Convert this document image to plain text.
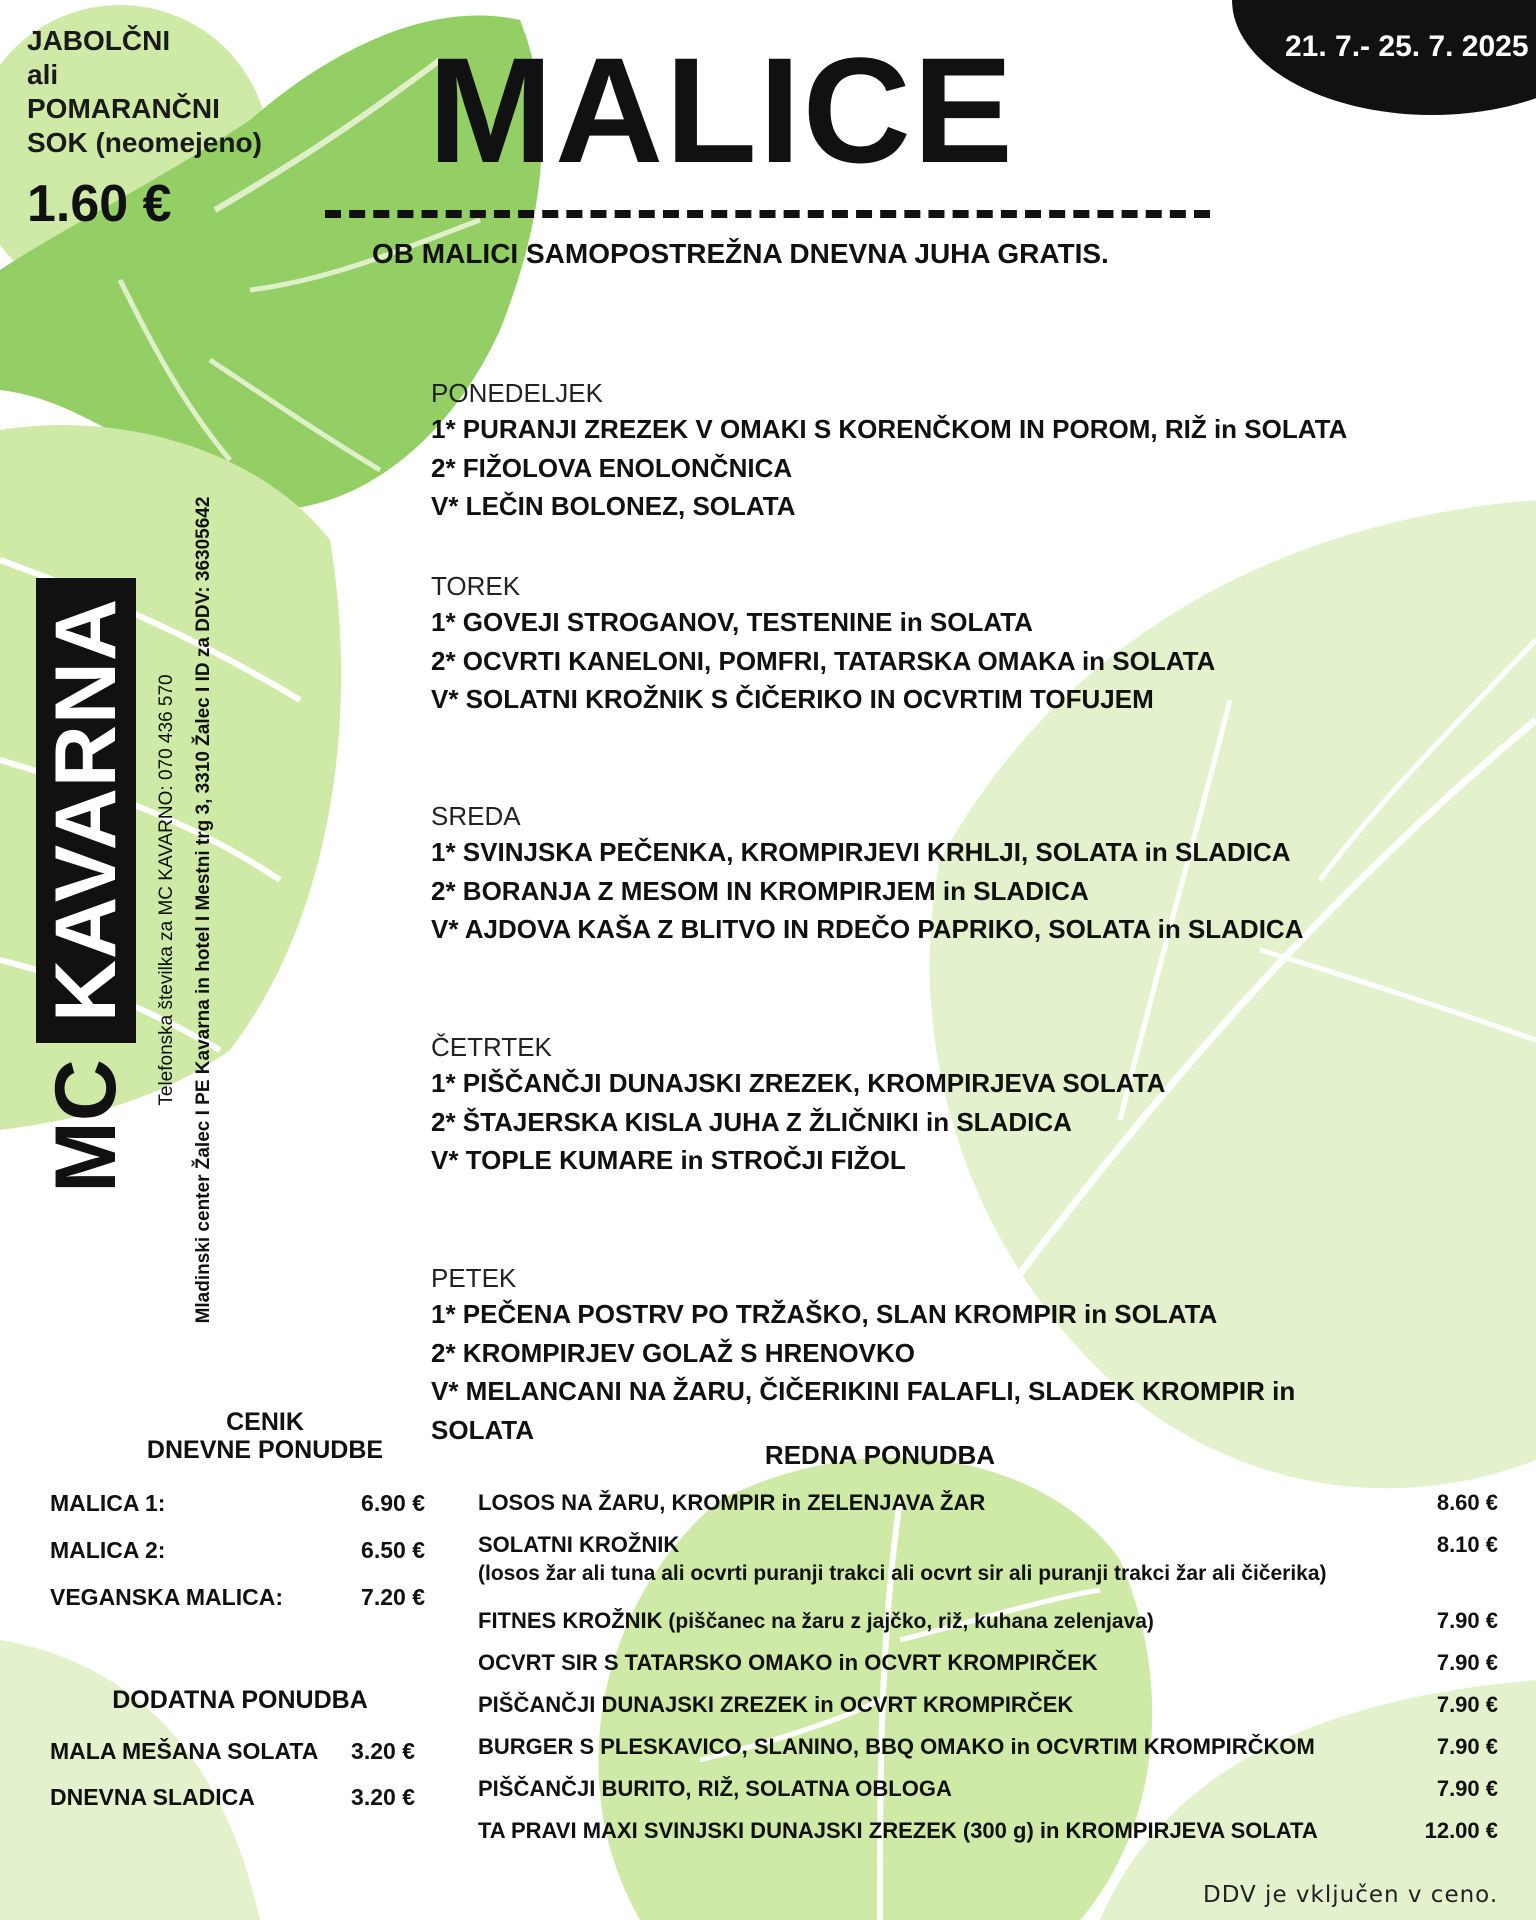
JABOLČNI
ali
POMARANČNI
SOK (neomejeno)
1.60 €
21. 7.- 25. 7. 2025
MALICE
OB MALICI SAMOPOSTREŽNA DNEVNA JUHA GRATIS.
KAVARNA
MC
Telefonska številka za MC KAVARNO: 070 436 570 Mladinski center Žalec I PE Kavarna in hotel I Mestni trg 3, 3310 Žalec I ID za DDV: 36305642
PONEDELJEK
1* PURANJI ZREZEK V OMAKI S KORENČKOM IN POROM, RIŽ in SOLATA
2* FIŽOLOVA ENOLONČNICA
V* LEČIN BOLONEZ, SOLATA
TOREK
1* GOVEJI STROGANOV, TESTENINE in SOLATA
2* OCVRTI KANELONI, POMFRI, TATARSKA OMAKA in SOLATA
V* SOLATNI KROŽNIK S ČIČERIKO IN OCVRTIM TOFUJEM
SREDA
1* SVINJSKA PEČENKA, KROMPIRJEVI KRHLJI, SOLATA in SLADICA
2* BORANJA Z MESOM IN KROMPIRJEM in SLADICA
V* AJDOVA KAŠA Z BLITVO IN RDEČO PAPRIKO, SOLATA in SLADICA
ČETRTEK
1* PIŠČANČJI DUNAJSKI ZREZEK, KROMPIRJEVA SOLATA
2* ŠTAJERSKA KISLA JUHA Z ŽLIČNIKI in SLADICA
V* TOPLE KUMARE in STROČJI FIŽOL
PETEK
1* PEČENA POSTRV PO TRŽAŠKO, SLAN KROMPIR in SOLATA
2* KROMPIRJEV GOLAŽ S HRENOVKO
V* MELANCANI NA ŽARU, ČIČERIKINI FALAFLI, SLADEK KROMPIR in
SOLATA
CENIK
DNEVNE PONUDBE
MALICA 1:	6.90 €
MALICA 2:	6.50 €
VEGANSKA MALICA:	7.20 €
DODATNA PONUDBA
MALA MEŠANA SOLATA 3.20 €
DNEVNA SLADICA	3.20 €
REDNA PONUDBA
LOSOS NA ŽARU, KROMPIR in ZELENJAVA ŽAR	8.60 €
SOLATNI KROŽNIK	8.10 €
(losos žar ali tuna ali ocvrti puranji trakci ali ocvrt sir ali puranji trakci žar ali čičerika)
FITNES KROŽNIK (piščanec na žaru z jajčko, riž, kuhana zelenjava)	7.90 €
OCVRT SIR S TATARSKO OMAKO in OCVRT KROMPIRČEK	7.90 €
PIŠČANČJI DUNAJSKI ZREZEK in OCVRT KROMPIRČEK	7.90 €
BURGER S PLESKAVICO, SLANINO, BBQ OMAKO in OCVRTIM KROMPIRČKOM	7.90 €
PIŠČANČJI BURITO, RIŽ, SOLATNA OBLOGA	7.90 €
TA PRAVI MAXI SVINJSKI DUNAJSKI ZREZEK (300 g) in KROMPIRJEVA SOLATA	12.00 €
DDV je vključen v ceno.
